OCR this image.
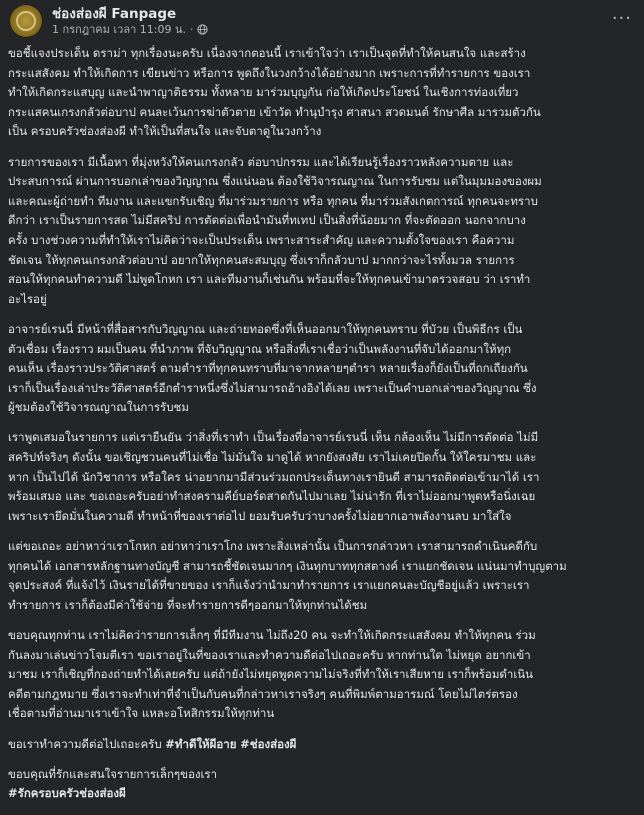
ช่องส่องผี Fanpage
1 กรกฎาคม เวลา 11:09 น. ·	···
ขอชี้แจงประเด็น ดราม่า ทุกเรื่องนะครับ เนื่องจากตอนนี้ เราเข้าใจว่า เราเป็นจุดที่ทำให้คนสนใจ และสร้าง
กระแสสังคม ทำให้เกิดการ เขียนข่าว หรือการ พูดถึงในวงกว้างได้อย่างมาก เพราะการที่ทำรายการ ของเรา
ทำให้เกิดกระแสบุญ และนำพาญาติธรรม ทั้งหลาย มาร่วมบุญกัน ก่อให้เกิดประโยชน์ ในเชิงการท่องเที่ยว
กระแสคนเกรงกลัวต่อบาป คนละเว้นการฆ่าตัวตาย เข้าวัด ทำนุบำรุง ศาสนา สวดมนต์ รักษาศีล มารวมตัวกัน
เป็น ครอบครัวช่องส่องผี ทำให้เป็นที่สนใจ และจับตาดูในวงกว้าง
รายการของเรา มีเนื้อหา ที่มุ่งหวังให้คนเกรงกลัว ต่อบาปกรรม และได้เรียนรู้เรื่องราวหลังความตาย และ
ประสบการณ์ ผ่านการบอกเล่าของวิญญาณ ซึ่งแน่นอน ต้องใช้วิจารณญาณ ในการรับชม แต่ในมุมมองของผม
และคณะผู้ถ่ายทำ ทีมงาน และแขกรับเชิญ ที่มาร่วมรายการ หรือ ทุกคน ที่มาร่วมสังเกตการณ์ ทุกคนจะทราบ
ดีกว่า เราเป็นรายการสด ไม่มีสคริป การตัดต่อเพื่อนำมันที่ทเทป เป็นสิ่งที่น้อยมาก ที่จะตัดออก นอกจากบาง
ครั้ง บางช่วงความที่ทำให้เราไม่คิดว่าจะเป็นประเด็น เพราะสาระสำคัญ และความตั้งใจของเรา คือความ
ชัดเจน ให้ทุกคนเกรงกลัวต่อบาป อยากให้ทุกคนสะสมบุญ ซึ่งเราก็กลัวบาป มากกว่าจะไรทั้งมวล รายการ
สอนให้ทุกคนทำความดี ไม่พูดโกหก เรา และทีมงานก็เช่นกัน พร้อมที่จะให้ทุกคนเข้ามาตรวจสอบ ว่า เราทำ
อะไรอยู่
อาจารย์เรนนี่ มีหน้าที่สื่อสารกับวิญญาณ และถ่ายทอดซึ่งที่เห็นออกมาให้ทุกคนทราบ ที่บัวย เป็นพิธีกร เป็น
ตัวเชื่อม เรื่องราว ผมเป็นคน ที่นำภาพ ที่จับวิญญาณ หรือสิ่งที่เราเชื่อว่าเป็นพลังงานที่จับได้ออกมาให้ทุก
คนเห็น เรื่องราวประวัติศาสตร์ ตามตำราที่ทุกคนทราบที่มาจากหลายๆตำรา หลายเรื่องก็ยังเป็นที่ถกเถียงกัน
เราก็เป็นเรื่องเล่าประวัติศาสตร์อีกตำราหนึ่งซึ่งไม่สามารถอ้างอิงได้เลย เพราะเป็นคำบอกเล่าของวิญญาณ ซึ่ง
ผู้ชมต้องใช้วิจารณญาณในการรับชม
เราพูดเสมอในรายการ แต่เรายืนยัน ว่าสิ่งที่เราทำ เป็นเรื่องที่อาจารย์เรนนี่ เห็น กล้องเห็น ไม่มีการตัดต่อ ไม่มี
สคริปท์จริงๆ ดังนั้น ขอเชิญชวนคนที่ไม่เชื่อ ไม่มั่นใจ มาดูได้ หากยังสงสัย เราไม่เคยปิดกั้น ให้ใครมาชม และ
หาก เป็นไปได้ นักวิชาการ หรือใคร น่าอยากมามีส่วนร่วมถกประเด็นทางเรายินดี สามารถติดต่อเข้ามาได้ เรา
พร้อมเสมอ และ ขอเถอะครับอย่าทำสงครามคีย์บอร์ดสาดกันไปมาเลย ไม่น่ารัก ที่เราไม่ออกมาพูดหรือนิ่งเฉย
เพราะเรายึดมั่นในความดี ทำหน้าที่ของเราต่อไป ยอมรับครับว่าบางครั้งไม่อยากเอาพลังงานลบ มาใส่ใจ
แต่ขอเถอะ อย่าหาว่าเราโกหก อย่าหาว่าเราโกง เพราะสิ่งเหล่านั้น เป็นการกล่าวหา เราสามารถดำเนินคดีกับ
ทุกคนได้ เอกสารหลักฐานทางบัญชี สามารถชี้ชัดเจนมากๆ เงินทุกบาททุกสตางค์ เราแยกชัดเจน แน่นมาทำบุญตาม
จุดประสงค์ ที่แจ้งไว้ เงินรายได้ที่ขายของ เราก็แจ้งว่านำมาทำรายการ เราแยกคนละบัญชีอยู่แล้ว เพราะเรา
ทำรายการ เราก็ต้องมีค่าใช้จ่าย ที่จะทำรายการดีๆออกมาให้ทุกท่านได้ชม
ขอบคุณทุกท่าน เราไม่คิดว่ารายการเล็กๆ ที่มีทีมงาน ไม่ถึง20 คน จะทำให้เกิดกระแสสังคม ทำให้ทุกคน ร่วม
กันลงมาเล่นข่าวโจมตีเรา ขอเราอยู่ในที่ของเราและทำความดีต่อไปเถอะครับ หากท่านใด ไม่หยุด อยากเข้า
มาชม เราก็เชิญที่กองถ่ายทำได้เลยครับ แต่ถ้ายังไม่หยุดพูดความไม่จริงที่ทำให้เราเสียหาย เราก็พร้อมดำเนิน
คดีตามกฎหมาย ซึ่งเราจะทำเท่าที่จำเป็นกับคนที่กล่าวหาเราจริงๆ คนที่พิมพ์ตามอารมณ์ โดยไม่ไตร่ตรอง
เชื่อตามที่อ่านมาเราเข้าใจ แหละอโหสิกรรมให้ทุกท่าน
ขอเราทำความดีต่อไปเถอะครับ #ทำดีให้ผีอาย #ช่องส่องผี
ขอบคุณที่รักและสนใจรายการเล็กๆของเรา
#รักครอบครัวช่องส่องผี
